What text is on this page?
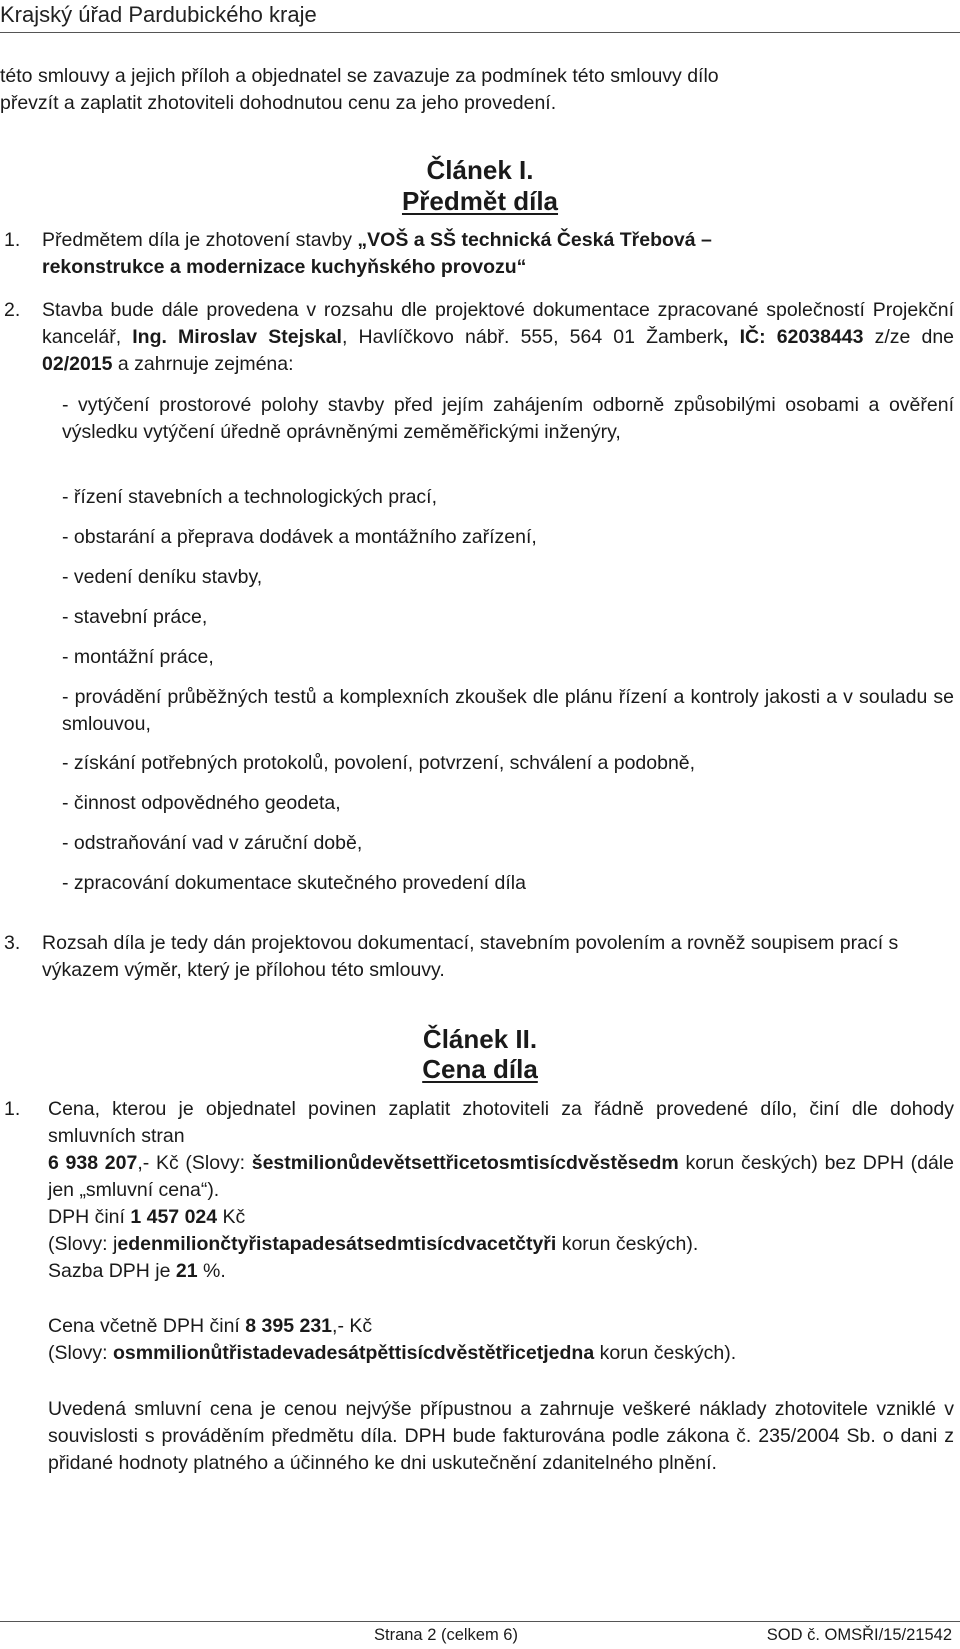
Krajský úřad Pardubického kraje
této smlouvy a jejich příloh a objednatel se zavazuje za podmínek této smlouvy dílo
převzít a zaplatit zhotoviteli dohodnutou cenu za jeho provedení.
Článek I.
Předmět díla
1. Předmětem díla je zhotovení stavby „VOŠ a SŠ technická Česká Třebová –
rekonstrukce a modernizace kuchyňského provozu“
2. Stavba bude dále provedena v rozsahu dle projektové dokumentace zpracované společností Projekční kancelář, Ing. Miroslav Stejskal, Havlíčkovo nábř. 555, 564 01 Žamberk, IČ: 62038443 z/ze dne 02/2015 a zahrnuje zejména:
- vytýčení prostorové polohy stavby před jejím zahájením odborně způsobilými osobami a ověření výsledku vytýčení úředně oprávněnými zeměměřickými inženýry,
- řízení stavebních a technologických prací,
- obstarání a přeprava dodávek a montážního zařízení,
- vedení deníku stavby,
- stavební práce,
- montážní práce,
- provádění průběžných testů a komplexních zkoušek dle plánu řízení a kontroly jakosti a v souladu se smlouvou,
- získání potřebných protokolů, povolení, potvrzení, schválení a podobně,
- činnost odpovědného geodeta,
- odstraňování vad v záruční době,
- zpracování dokumentace skutečného provedení díla
3. Rozsah díla je tedy dán projektovou dokumentací, stavebním povolením a rovněž soupisem prací s výkazem výměr, který je přílohou této smlouvy.
Článek II.
Cena díla
1. Cena, kterou je objednatel povinen zaplatit zhotoviteli za řádně provedené dílo, činí dle dohody smluvních stran
6 938 207,- Kč (Slovy: šestmilionůdevětsettřicetosmtisícdvěstěsedm korun českých) bez DPH (dále jen „smluvní cena“).
DPH činí 1 457 024 Kč
(Slovy: jedenmiliončtyřistapadesátsedmtisícdvacetčtyři korun českých).
Sazba DPH je 21 %.
Cena včetně DPH činí 8 395 231,- Kč
(Slovy: osmmilionůtřistadevadesátpěttisícdvěstětřicetjedna korun českých).
Uvedená smluvní cena je cenou nejvýše přípustnou a zahrnuje veškeré náklady zhotovitele vzniklé v souvislosti s prováděním předmětu díla. DPH bude fakturována podle zákona č. 235/2004 Sb. o dani z přidané hodnoty platného a účinného ke dni uskutečnění zdanitelného plnění.
Strana 2 (celkem 6)	SOD č. OMSŘI/15/21542
